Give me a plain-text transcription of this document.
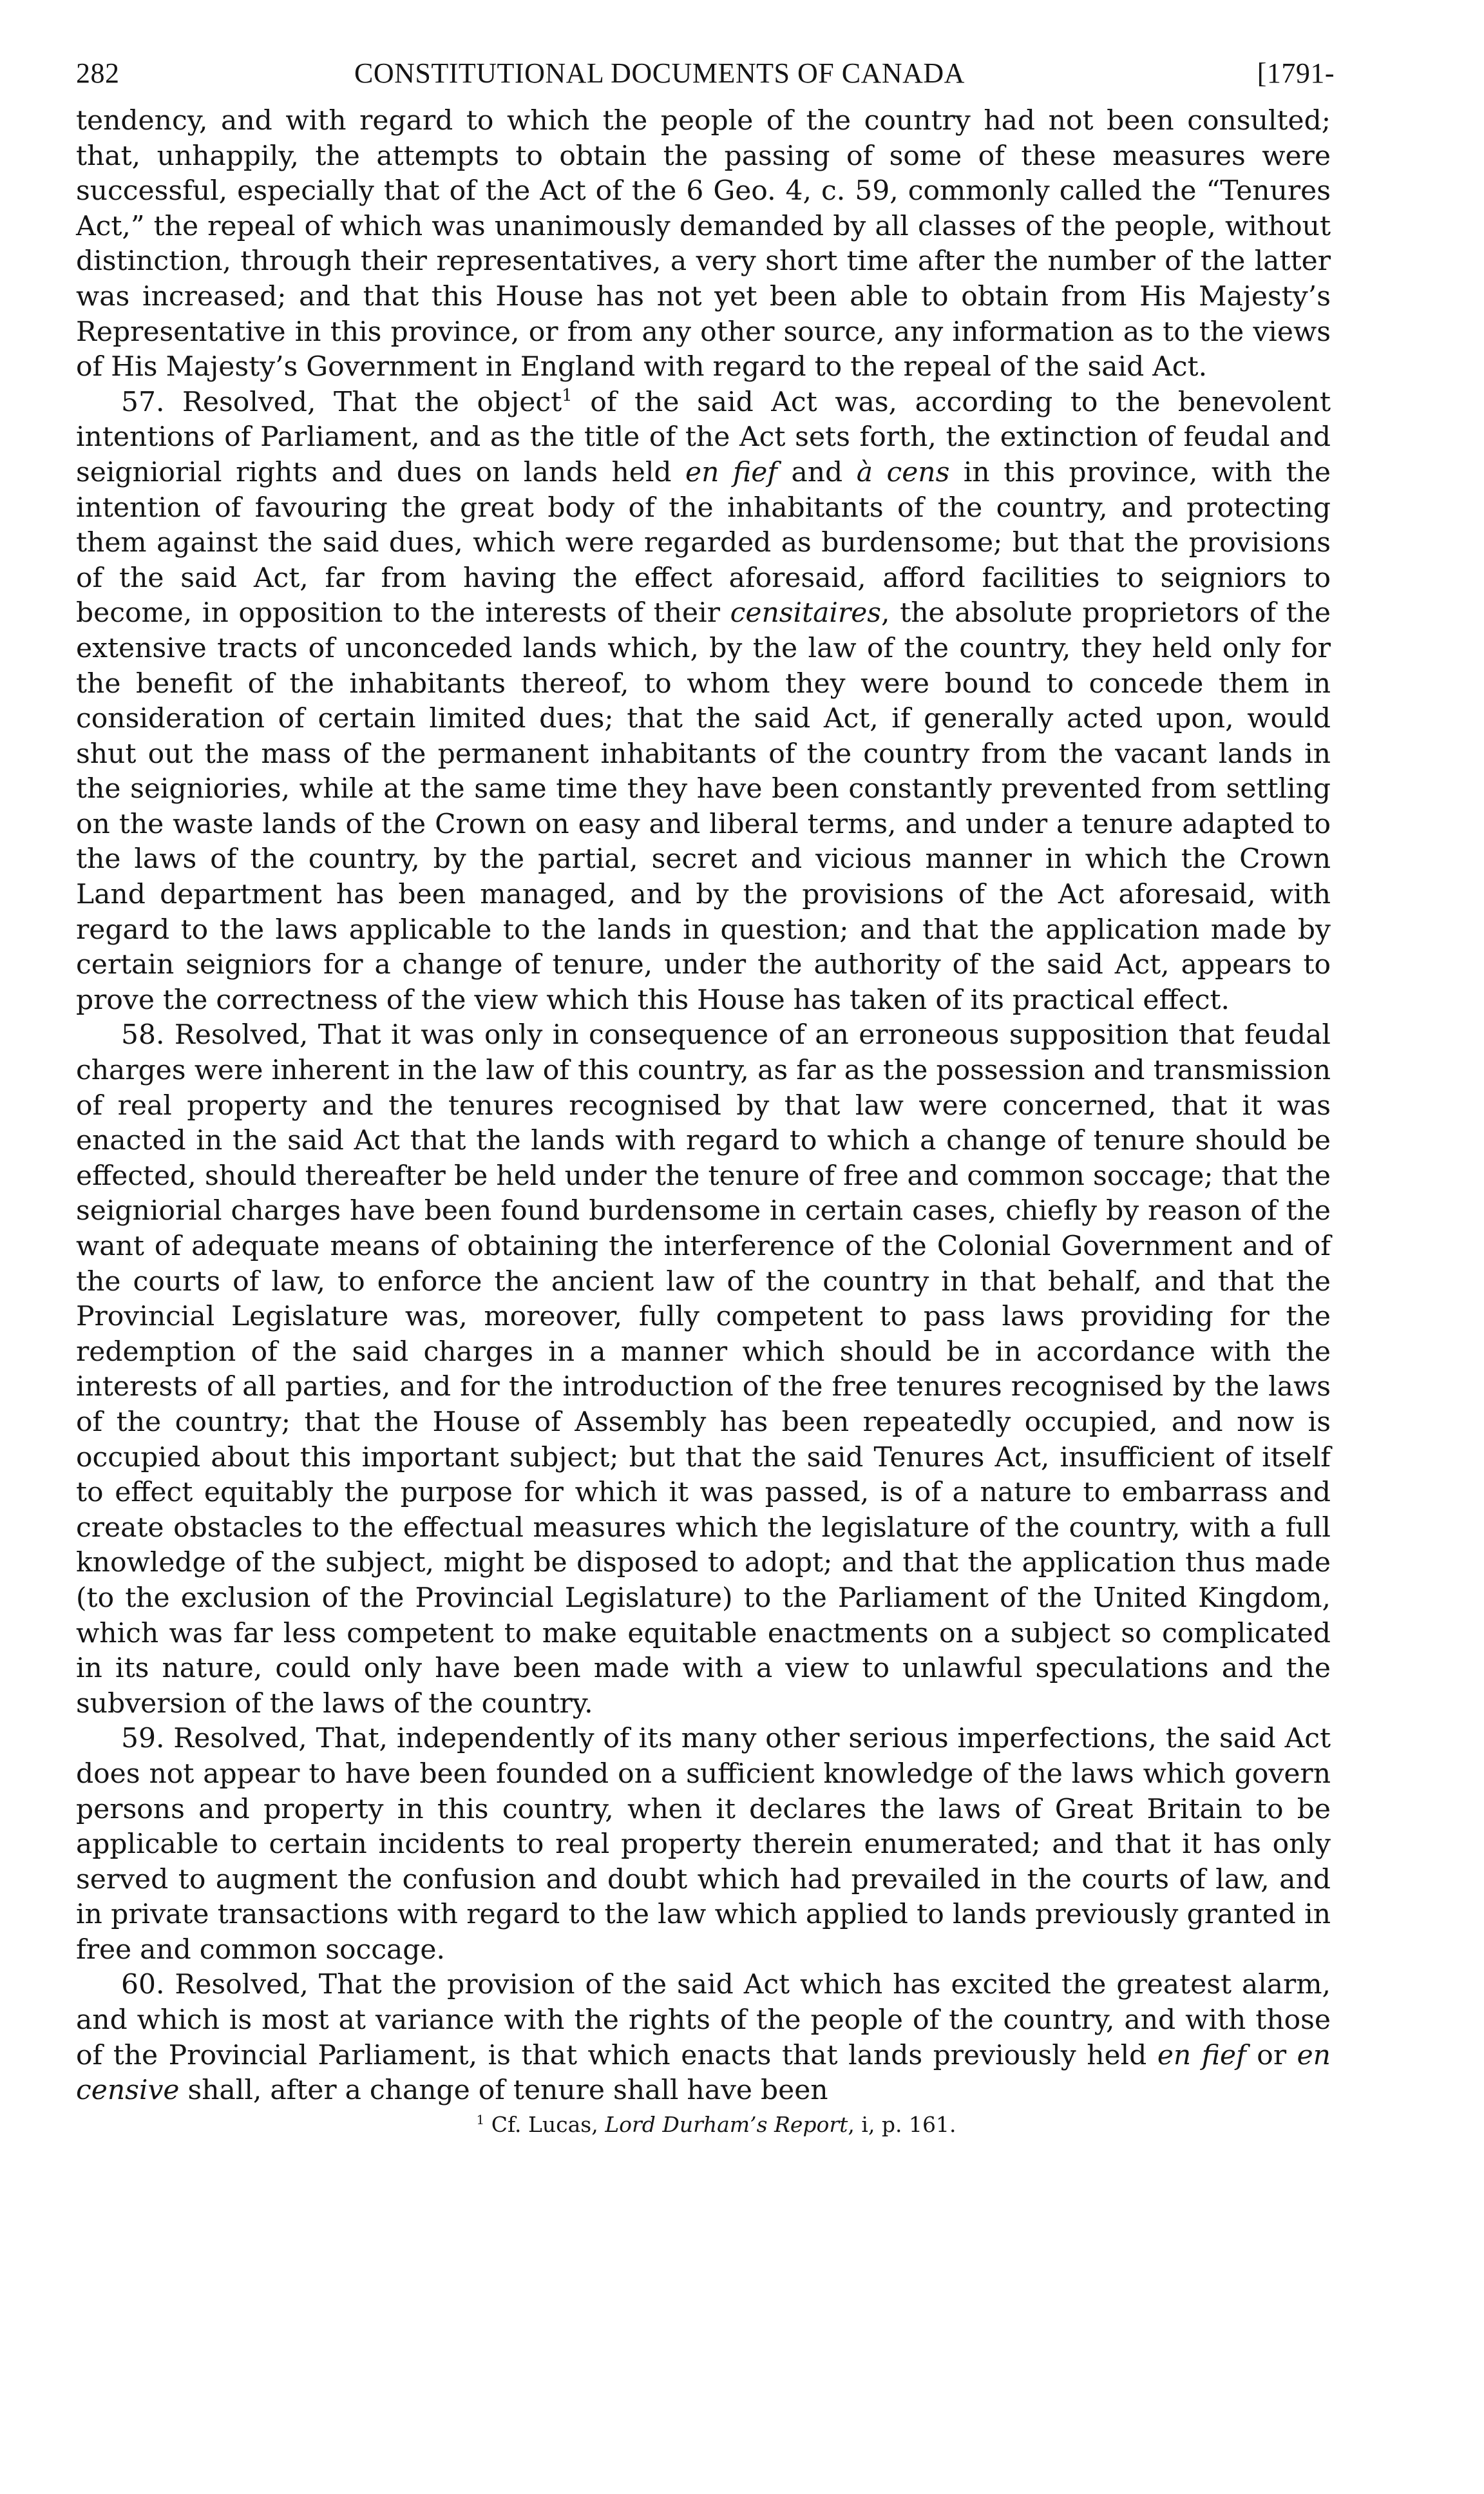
282	CONSTITUTIONAL DOCUMENTS OF CANADA	[1791-

tendency, and with regard to which the people of the country had not been consulted; that, unhappily, the attempts to obtain the passing of some of these measures were successful, especially that of the Act of the 6 Geo. 4, c. 59, commonly called the “Tenures Act,” the repeal of which was unanimously demanded by all classes of the people, without distinction, through their representatives, a very short time after the number of the latter was increased; and that this House has not yet been able to obtain from His Majesty’s Representative in this province, or from any other source, any information as to the views of His Majesty’s Government in England with regard to the repeal of the said Act.

57. Resolved, That the object$^1$ of the said Act was, according to the benevolent intentions of Parliament, and as the title of the Act sets forth, the extinction of feudal and seigniorial rights and dues on lands held en fief and à cens in this province, with the intention of favouring the great body of the inhabitants of the country, and protecting them against the said dues, which were regarded as burdensome; but that the provisions of the said Act, far from having the effect aforesaid, afford facilities to seigniors to become, in opposition to the interests of their censitaires, the absolute proprietors of the extensive tracts of unconceded lands which, by the law of the country, they held only for the benefit of the inhabitants thereof, to whom they were bound to concede them in consideration of certain limited dues; that the said Act, if generally acted upon, would shut out the mass of the permanent inhabitants of the country from the vacant lands in the seigniories, while at the same time they have been constantly prevented from settling on the waste lands of the Crown on easy and liberal terms, and under a tenure adapted to the laws of the country, by the partial, secret and vicious manner in which the Crown Land department has been managed, and by the provisions of the Act aforesaid, with regard to the laws applicable to the lands in question; and that the application made by certain seigniors for a change of tenure, under the authority of the said Act, appears to prove the correctness of the view which this House has taken of its practical effect.

58. Resolved, That it was only in consequence of an erroneous supposition that feudal charges were inherent in the law of this country, as far as the possession and transmission of real property and the tenures recognised by that law were concerned, that it was enacted in the said Act that the lands with regard to which a change of tenure should be effected, should thereafter be held under the tenure of free and common soccage; that the seigniorial charges have been found burdensome in certain cases, chiefly by reason of the want of adequate means of obtaining the interference of the Colonial Government and of the courts of law, to enforce the ancient law of the country in that behalf, and that the Provincial Legislature was, moreover, fully competent to pass laws providing for the redemption of the said charges in a manner which should be in accordance with the interests of all parties, and for the introduction of the free tenures recognised by the laws of the country; that the House of Assembly has been repeatedly occupied, and now is occupied about this important subject; but that the said Tenures Act, insufficient of itself to effect equitably the purpose for which it was passed, is of a nature to embarrass and create obstacles to the effectual measures which the legislature of the country, with a full knowledge of the subject, might be disposed to adopt; and that the application thus made (to the exclusion of the Provincial Legislature) to the Parliament of the United Kingdom, which was far less competent to make equitable enactments on a subject so complicated in its nature, could only have been made with a view to unlawful speculations and the subversion of the laws of the country.

59. Resolved, That, independently of its many other serious imperfections, the said Act does not appear to have been founded on a sufficient knowledge of the laws which govern persons and property in this country, when it declares the laws of Great Britain to be applicable to certain incidents to real property therein enumerated; and that it has only served to augment the confusion and doubt which had prevailed in the courts of law, and in private transactions with regard to the law which applied to lands previously granted in free and common soccage.

60. Resolved, That the provision of the said Act which has excited the greatest alarm, and which is most at variance with the rights of the people of the country, and with those of the Provincial Parliament, is that which enacts that lands previously held en fief or en censive shall, after a change of tenure shall have been

$^1$ Cf. Lucas, Lord Durham’s Report, i, p. 161.
